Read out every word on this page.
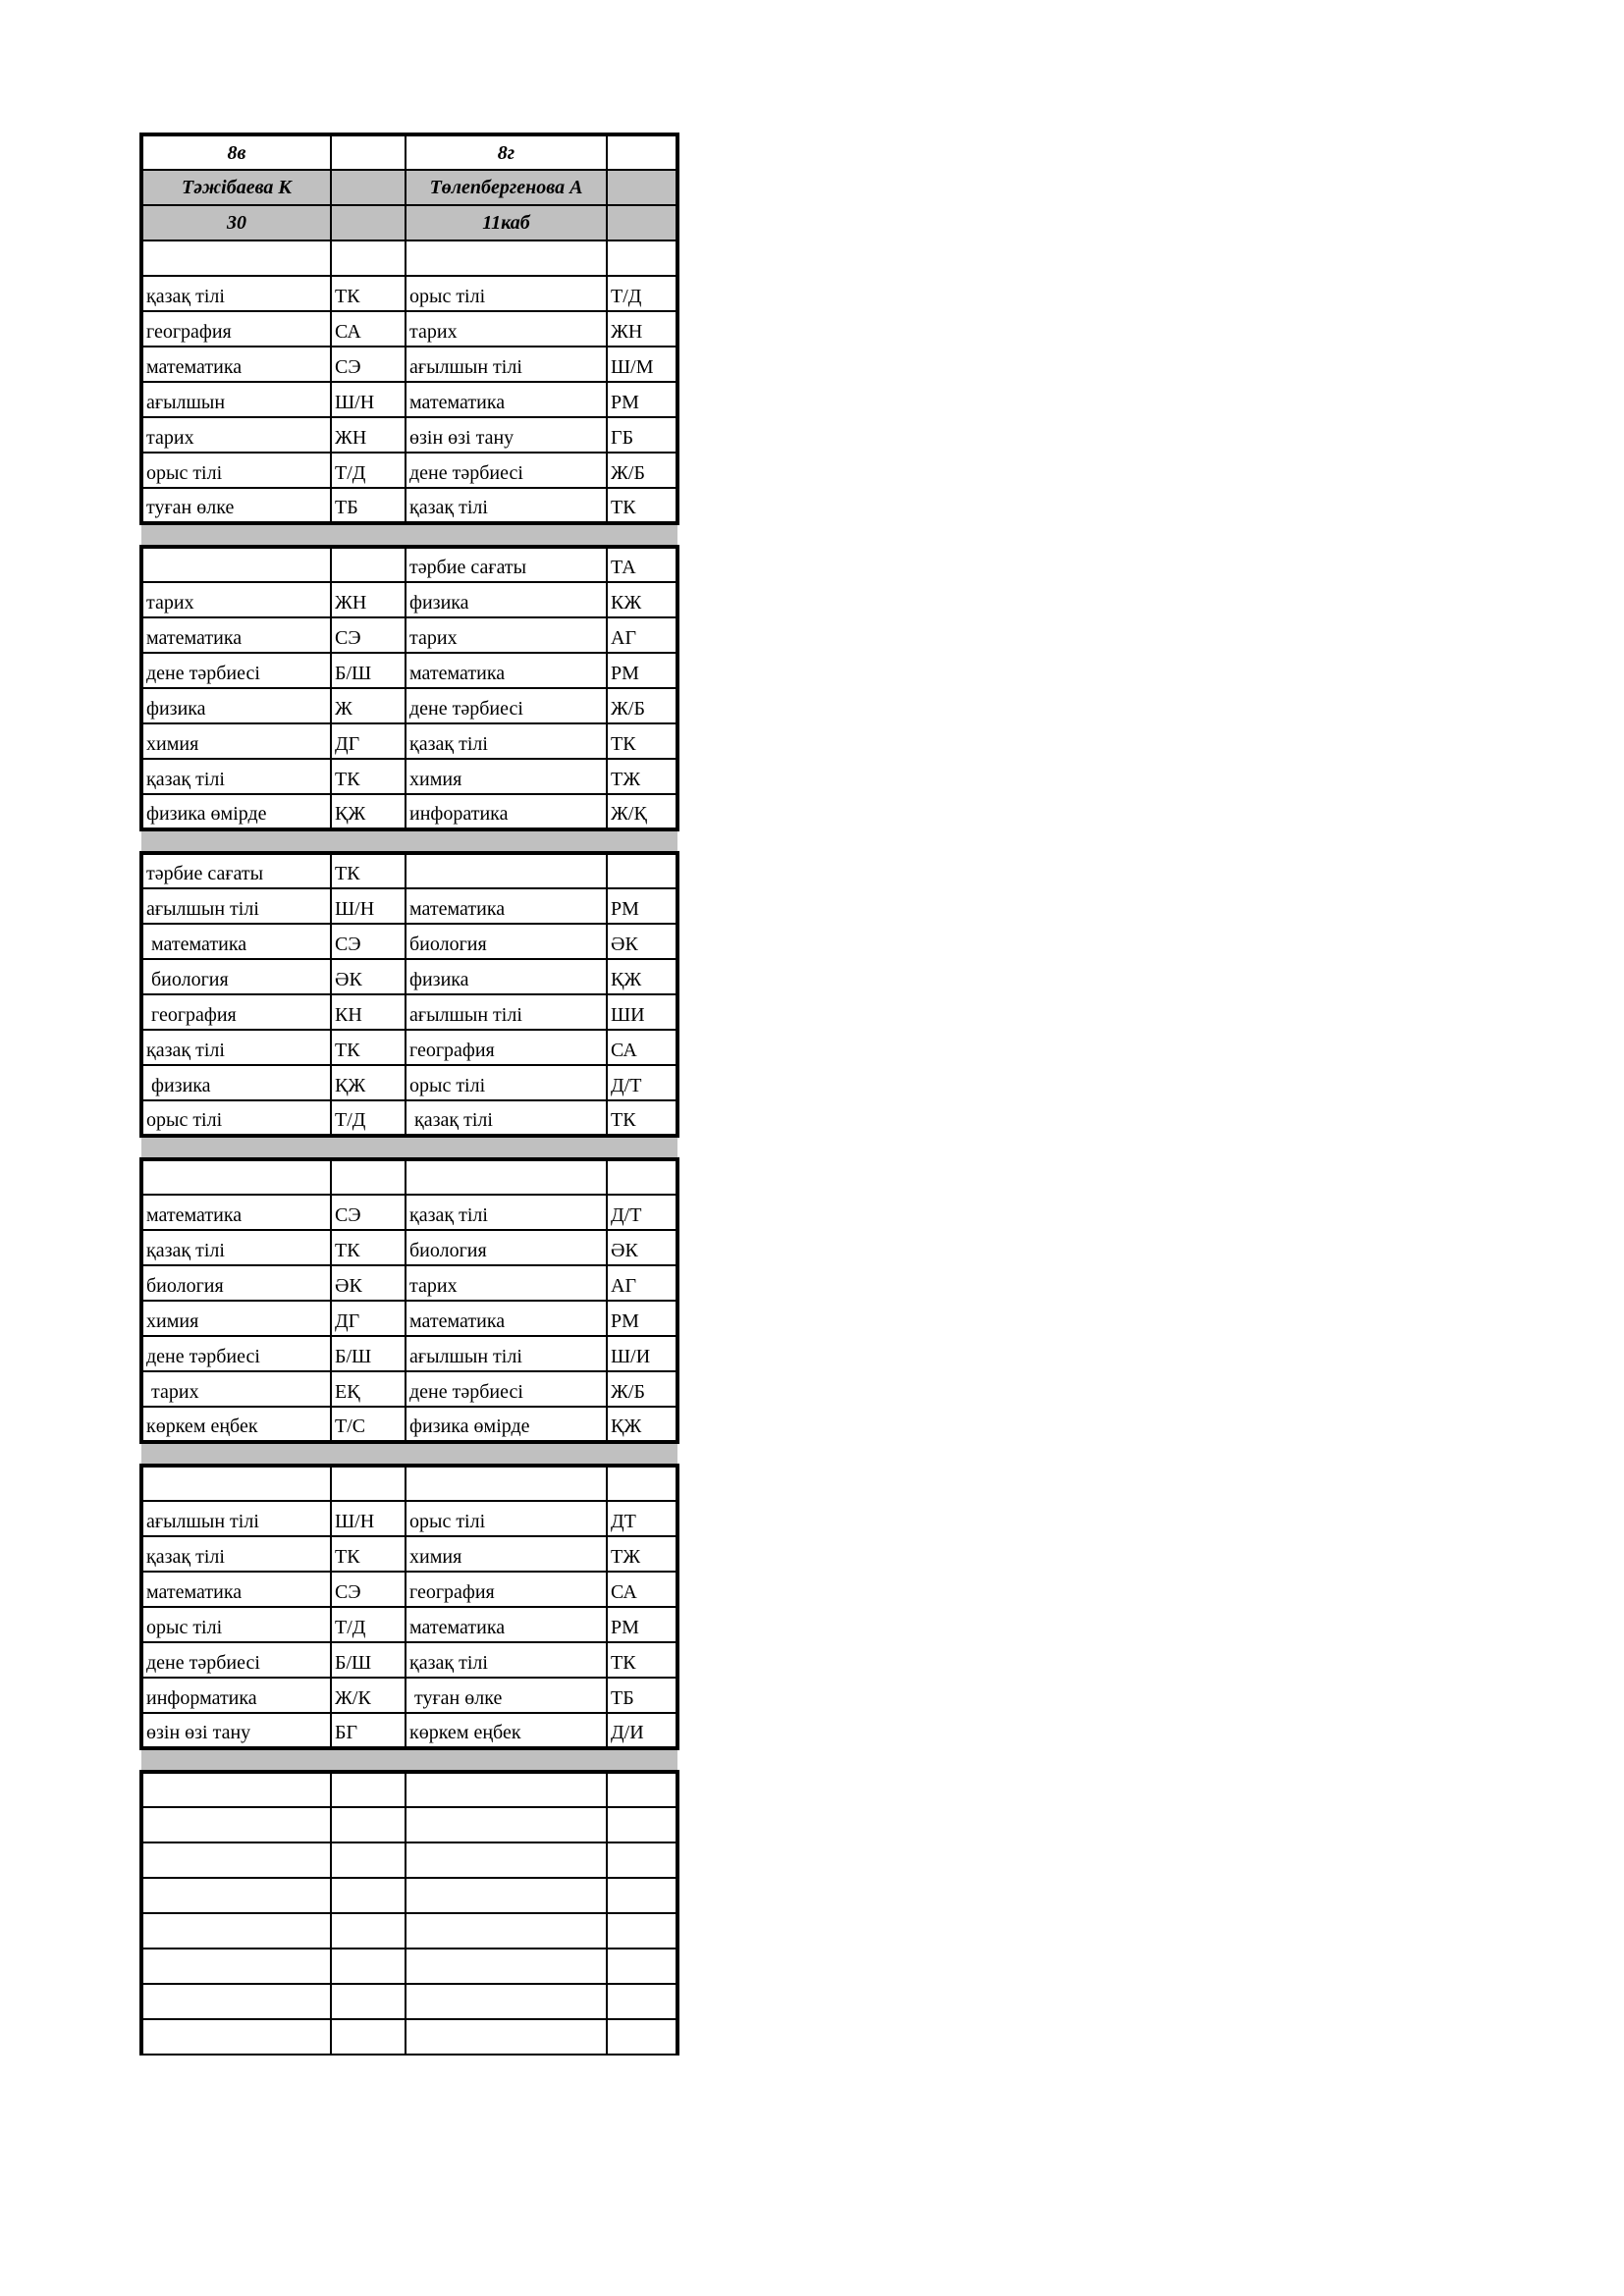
8в		8г	
Тәжібаева К		Төлепбергенова А	
30		11каб	

қазақ тілі	ТК	орыс тілі	Т/Д
география	СА	тарих	ЖН
математика	СЭ	ағылшын тілі	Ш/М
ағылшын	Ш/Н	математика	РМ
тарих	ЖН	өзін өзі тану	ГБ
орыс тілі	Т/Д	дене тәрбиесі	Ж/Б
туған өлке	ТБ	қазақ тілі	ТК

		тәрбие сағаты	ТА
тарих	ЖН	физика	КЖ
математика	СЭ	тарих	АГ
дене тәрбиесі	Б/Ш	математика	РМ
физика	Ж	дене тәрбиесі	Ж/Б
химия	ДГ	қазақ тілі	ТК
қазақ тілі	ТК	химия	ТЖ
физика өмірде	ҚЖ	инфоратика	Ж/Қ

тәрбие сағаты	ТК		
ағылшын тілі	Ш/Н	математика	РМ
математика	СЭ	биология	ӘК
биология	ӘК	физика	ҚЖ
география	КН	ағылшын тілі	ШИ
қазақ тілі	ТК	география	СА
физика	ҚЖ	орыс тілі	Д/Т
орыс тілі	Т/Д	қазақ тілі	ТК

математика	СЭ	қазақ тілі	Д/Т
қазақ тілі	ТК	биология	ӘК
биология	ӘК	тарих	АГ
химия	ДГ	математика	РМ
дене тәрбиесі	Б/Ш	ағылшын тілі	Ш/И
тарих	ЕҚ	дене тәрбиесі	Ж/Б
көркем еңбек	Т/С	физика өмірде	ҚЖ

ағылшын тілі	Ш/Н	орыс тілі	ДТ
қазақ тілі	ТК	химия	ТЖ
математика	СЭ	география	СА
орыс тілі	Т/Д	математика	РМ
дене тәрбиесі	Б/Ш	қазақ тілі	ТК
информатика	Ж/К	туған өлке	ТБ
өзін өзі тану	БГ	көркем еңбек	Д/И
